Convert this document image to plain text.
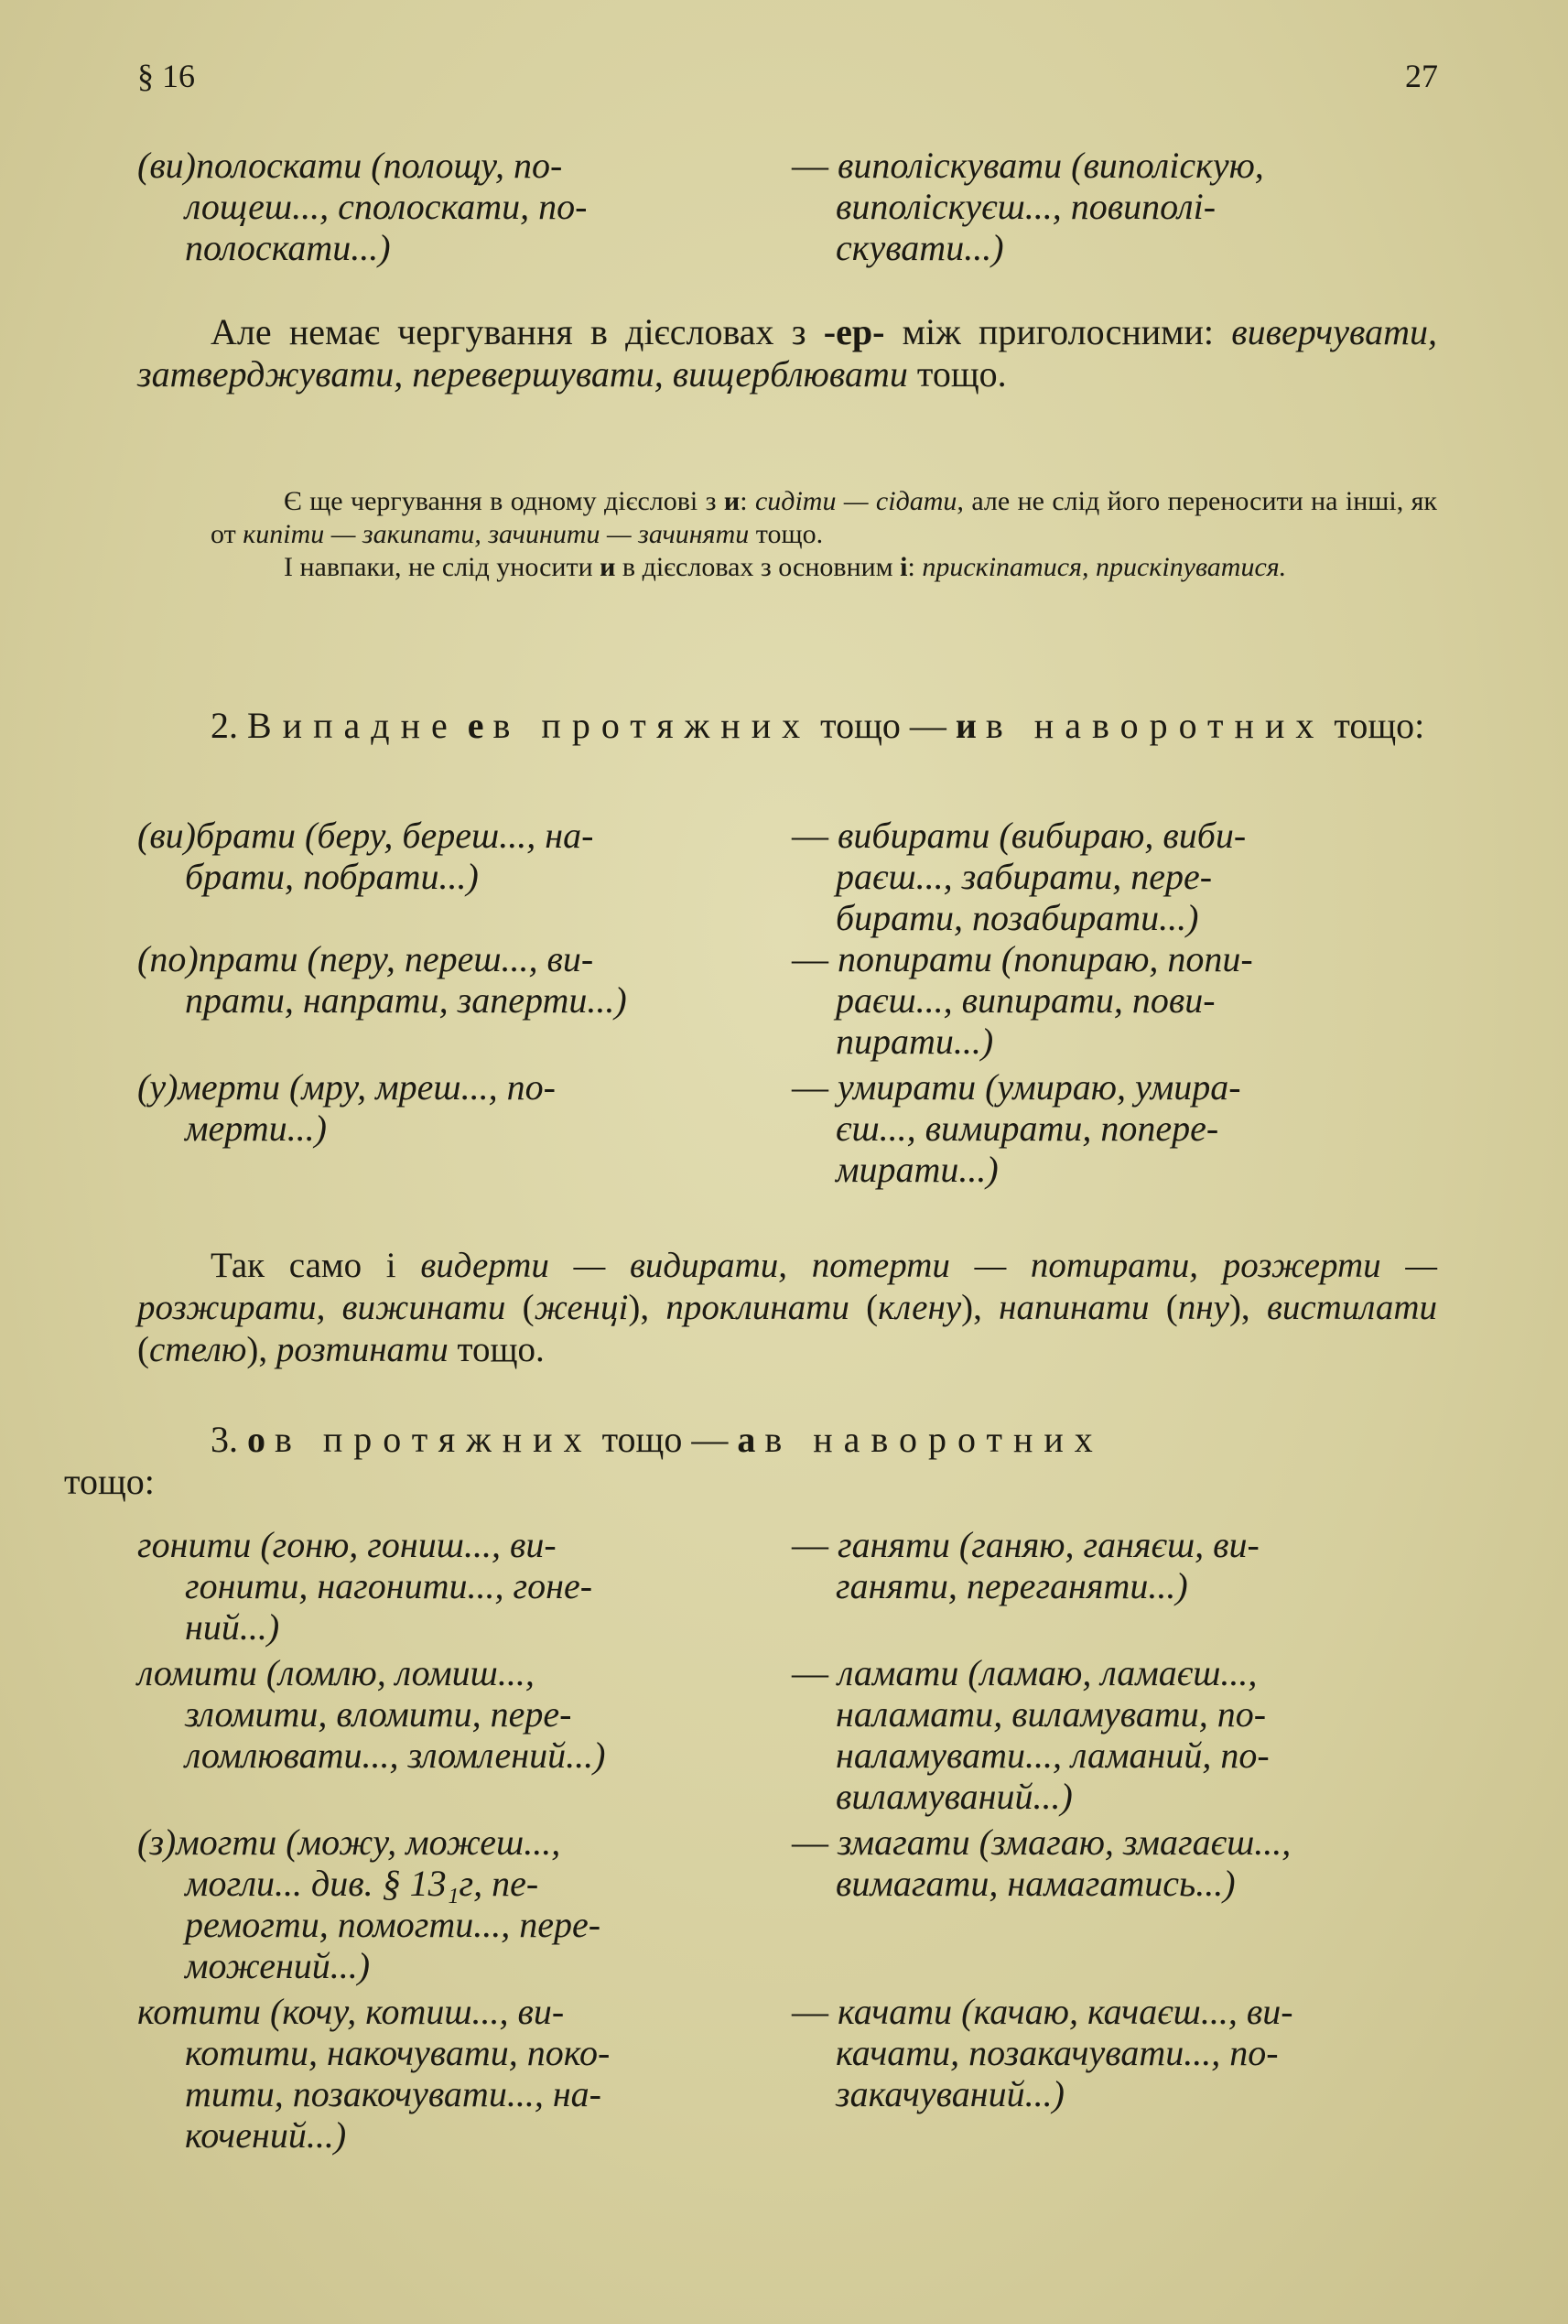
§ 16	27
(ви)полоскати (полощу, по-
лощеш..., сполоскати, по-
полоскати...)
— виполіскувати (виполіскую,
виполіскуєш..., повиполі-
скувати...)
Але немає чергування в дієсловах з -ер- між приголосними: виверчувати, затверджувати, перевершувати, вищерблювати тощо.

Є ще чергування в одному дієслові з и: сидіти — сідати, але не слід його переносити на інші, як от кипіти — закипати, зачинити — зачиняти тощо.

І навпаки, не слід уносити и в дієсловах з основним і: прискіпатися, прискіпуватися.

2. Випадне е в протяжних тощо — и в наворотних тощо:
(ви)брати (беру, береш..., на-
брати, побрати...)
— вибирати (вибираю, виби-
раєш..., забирати, пере-
бирати, позабирати...)
(по)прати (перу, переш..., ви-
прати, напрати, заперти...)
— попирати (попираю, попи-
раєш..., випирати, пови-
пирати...)
(у)мерти (мру, мреш..., по-
мерти...)
— умирати (умираю, умира-
єш..., вимирати, попере-
мирати...)
Так само і видерти — видирати, потерти — потирати, розжерти — розжирати, вижинати (женці), проклинати (клену), напинати (пну), вистилати (стелю), розтинати тощо.
3. о в протяжних тощо — а в наворотних
тощо:
гонити (гоню, гониш..., ви-
гонити, нагонити..., гоне-
ний...)
— ганяти (ганяю, ганяєш, ви-
ганяти, переганяти...)
ломити (ломлю, ломиш...,
зломити, вломити, пере-
ломлювати..., зломлений...)
— ламати (ламаю, ламаєш...,
наламати, виламувати, по-
наламувати..., ламаний, по-
виламуваний...)
(з)могти (можу, можеш...,
могли... див. § 13₁г, пе-
ремогти, помогти..., пере-
можений...)
— змагати (змагаю, змагаєш...,
вимагати, намагатись...)
котити (кочу, котиш..., ви-
котити, накочувати, поко-
тити, позакочувати..., на-
кочений...)
— качати (качаю, качаєш..., ви-
качати, позакачувати..., по-
закачуваний...)
